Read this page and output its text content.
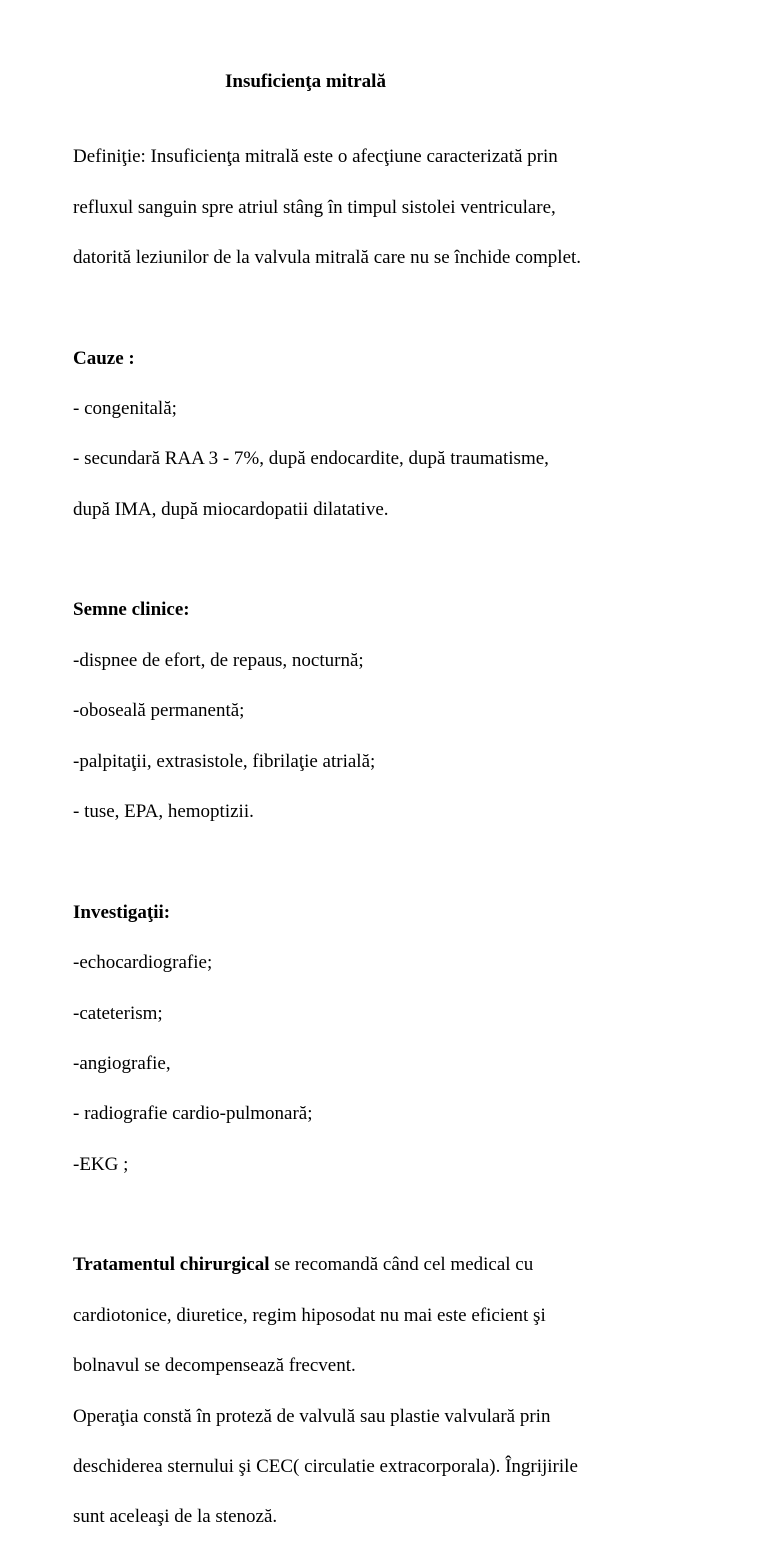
Insuficienţa mitrală

Definiţie: Insuficienţa mitrală este o afecţiune caracterizată prin

refluxul sanguin spre atriul stâng în timpul sistolei ventriculare,

datorită leziunilor de la valvula mitrală care nu se închide complet.

Cauze :

- congenitală;

- secundară RAA 3 - 7%, după endocardite, după traumatisme,

după IMA, după miocardopatii dilatative.

Semne clinice:

-dispnee de efort, de repaus, nocturnă;

-oboseală permanentă;

-palpitaţii, extrasistole, fibrilaţie atrială;

- tuse, EPA, hemoptizii.

Investigaţii:

-echocardiografie;

-cateterism;

-angiografie,

- radiografie cardio-pulmonară;

-EKG ;

Tratamentul chirurgical se recomandă când cel medical cu

cardiotonice, diuretice, regim hiposodat nu mai este eficient şi

bolnavul se decompensează frecvent.

Operaţia constă în proteză de valvulă sau plastie valvulară prin

deschiderea sternului şi CEC( circulatie extracorporala). Îngrijirile

sunt aceleaşi de la stenoză.
